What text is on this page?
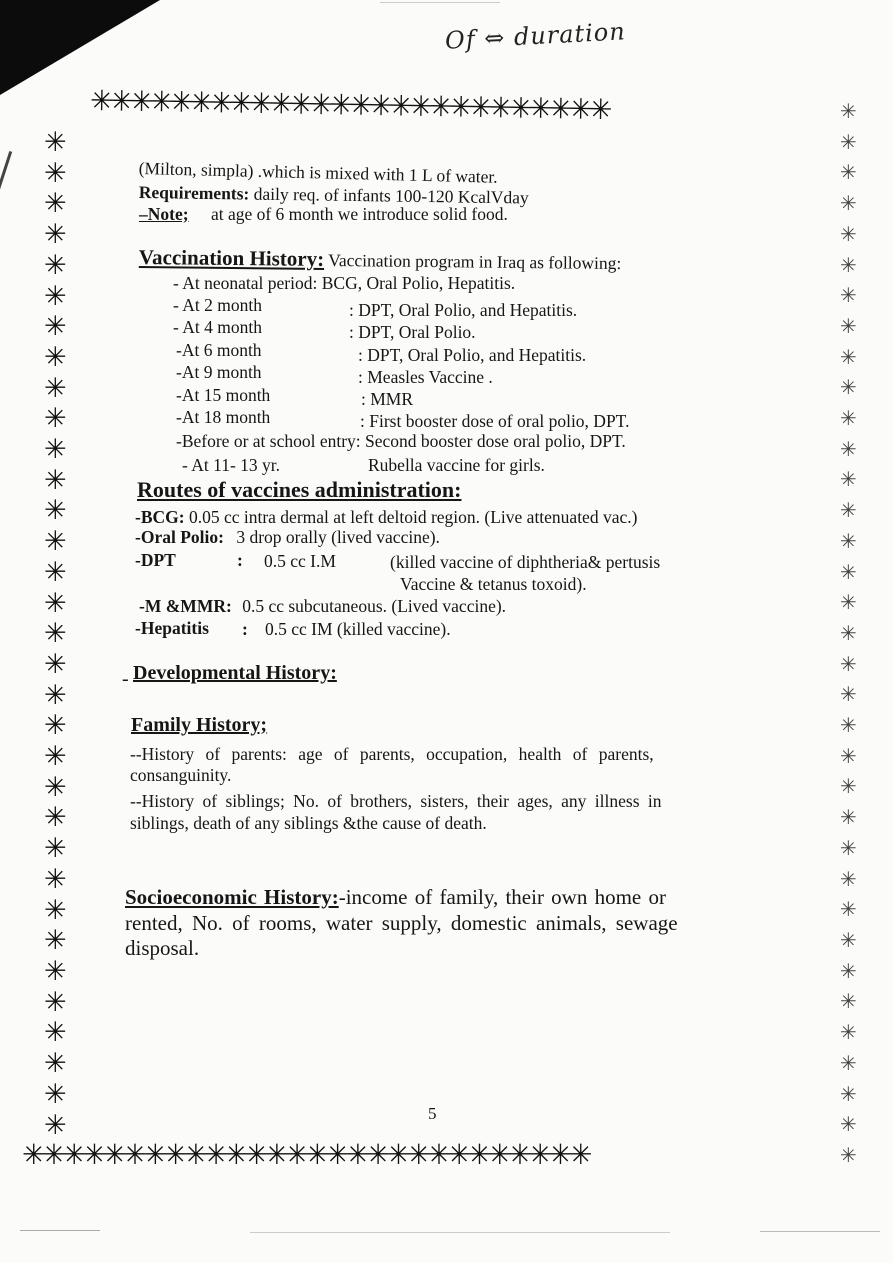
Of ⇔ duration
✳✳✳✳✳✳✳✳✳✳✳✳✳✳✳✳✳✳✳✳✳✳✳✳✳✳
✳✳✳✳✳✳✳✳✳✳✳✳✳✳✳✳✳✳✳✳✳✳✳✳✳✳✳✳
✳
✳
✳
✳
✳
✳
✳
✳
✳
✳
✳
✳
✳
✳
✳
✳
✳
✳
✳
✳
✳
✳
✳
✳
✳
✳
✳
✳
✳
✳
✳
✳
✳
✳
✳
✳
✳
✳
✳
✳
✳
✳
✳
✳
✳
✳
✳
✳
✳
✳
✳
✳
✳
✳
✳
✳
✳
✳
✳
✳
✳
✳
✳
✳
✳
✳
✳
✳
(Milton, simpla) .which is mixed with 1 L of water.
Requirements: daily req. of infants 100-120 KcalVday
–Note; at age of 6 month we introduce solid food.
Vaccination History: Vaccination program in Iraq as following:
- At neonatal period: BCG, Oral Polio, Hepatitis.
- At 2 month	: DPT, Oral Polio, and Hepatitis.
- At 4 month	: DPT, Oral Polio.
-At 6 month	: DPT, Oral Polio, and Hepatitis.
-At 9 month	: Measles Vaccine .
-At 15 month	: MMR
-At 18 month	: First booster dose of oral polio, DPT.
-Before or at school entry: Second booster dose oral polio, DPT.
- At 11- 13 yr.	Rubella vaccine for girls.
Routes of vaccines administration:
-BCG: 0.05 cc intra dermal at left deltoid region. (Live attenuated vac.)
-Oral Polio: 3 drop orally (lived vaccine).
-DPT	: 0.5 cc I.M	(killed vaccine of diphtheria& pertusis
Vaccine & tetanus toxoid).
-M &MMR: 0.5 cc subcutaneous. (Lived vaccine).
-Hepatitis : 0.5 cc IM (killed vaccine).
- Developmental History:
Family History;
--History of parents: age of parents, occupation, health of parents,
consanguinity.
--History of siblings; No. of brothers, sisters, their ages, any illness in
siblings, death of any siblings &the cause of death.
Socioeconomic History:-income of family, their own home or
rented, No. of rooms, water supply, domestic animals, sewage
disposal.
5
